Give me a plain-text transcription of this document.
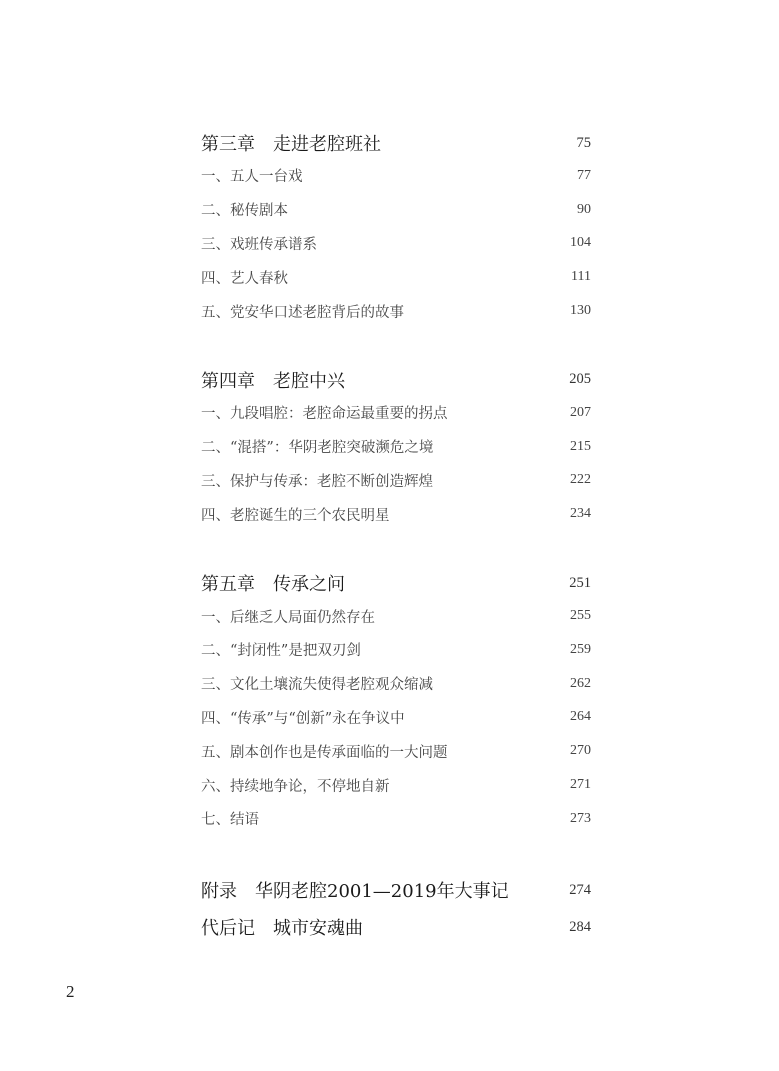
第三章 走进老腔班社	75
一、五人一台戏	77
二、秘传剧本	90
三、戏班传承谱系	104
四、艺人春秋	111
五、党安华口述老腔背后的故事	130
第四章 老腔中兴	205
一、九段唱腔：老腔命运最重要的拐点	207
二、“混搭”：华阴老腔突破濒危之境	215
三、保护与传承：老腔不断创造辉煌	222
四、老腔诞生的三个农民明星	234
第五章 传承之问	251
一、后继乏人局面仍然存在	255
二、“封闭性”是把双刃剑	259
三、文化土壤流失使得老腔观众缩减	262
四、“传承”与“创新”永在争议中	264
五、剧本创作也是传承面临的一大问题	270
六、持续地争论，不停地自新	271
七、结语	273
附录 华阴老腔2001—2019年大事记	274
代后记 城市安魂曲	284
2
